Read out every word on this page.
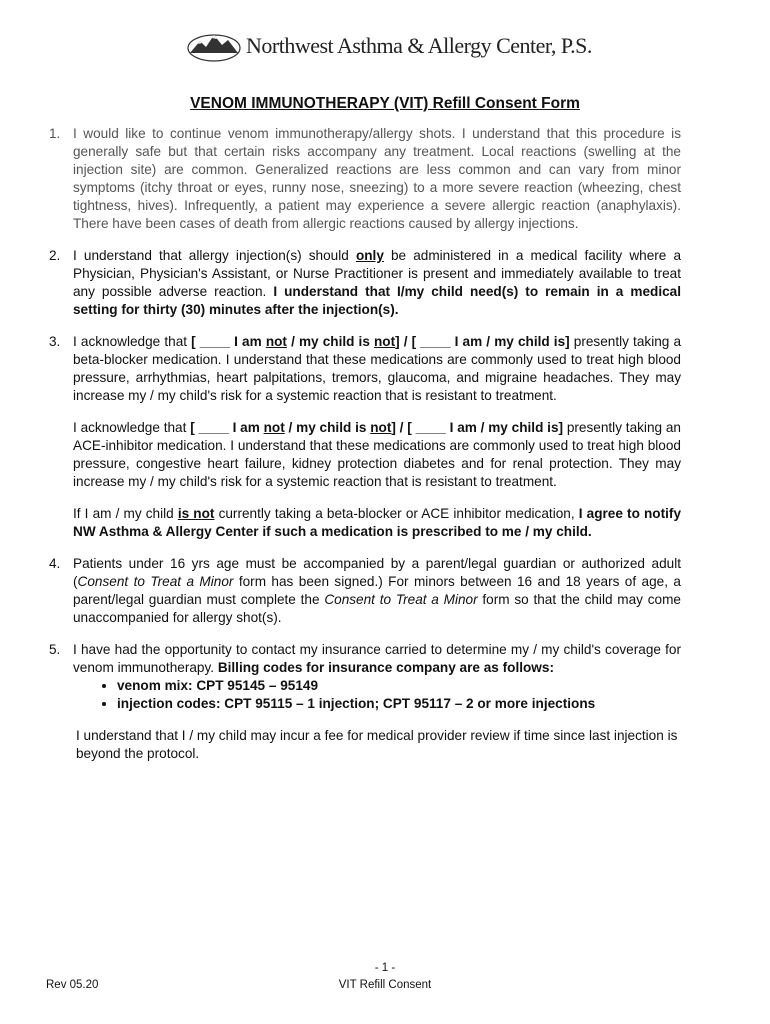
Northwest Asthma & Allergy Center, P.S.
VENOM IMMUNOTHERAPY (VIT) Refill Consent Form
1. I would like to continue venom immunotherapy/allergy shots. I understand that this procedure is generally safe but that certain risks accompany any treatment. Local reactions (swelling at the injection site) are common. Generalized reactions are less common and can vary from minor symptoms (itchy throat or eyes, runny nose, sneezing) to a more severe reaction (wheezing, chest tightness, hives). Infrequently, a patient may experience a severe allergic reaction (anaphylaxis). There have been cases of death from allergic reactions caused by allergy injections.
2. I understand that allergy injection(s) should only be administered in a medical facility where a Physician, Physician's Assistant, or Nurse Practitioner is present and immediately available to treat any possible adverse reaction. I understand that I/my child need(s) to remain in a medical setting for thirty (30) minutes after the injection(s).
3. I acknowledge that [ ____ I am not / my child is not] / [ ____ I am / my child is] presently taking a beta-blocker medication. I understand that these medications are commonly used to treat high blood pressure, arrhythmias, heart palpitations, tremors, glaucoma, and migraine headaches. They may increase my / my child's risk for a systemic reaction that is resistant to treatment.
I acknowledge that [ ____ I am not / my child is not] / [ ____ I am / my child is] presently taking an ACE-inhibitor medication. I understand that these medications are commonly used to treat high blood pressure, congestive heart failure, kidney protection diabetes and for renal protection. They may increase my / my child's risk for a systemic reaction that is resistant to treatment.
If I am / my child is not currently taking a beta-blocker or ACE inhibitor medication, I agree to notify NW Asthma & Allergy Center if such a medication is prescribed to me / my child.
4. Patients under 16 yrs age must be accompanied by a parent/legal guardian or authorized adult (Consent to Treat a Minor form has been signed.) For minors between 16 and 18 years of age, a parent/legal guardian must complete the Consent to Treat a Minor form so that the child may come unaccompanied for allergy shot(s).
5. I have had the opportunity to contact my insurance carried to determine my / my child's coverage for venom immunotherapy. Billing codes for insurance company are as follows:
• venom mix: CPT 95145 – 95149
• injection codes: CPT 95115 – 1 injection; CPT 95117 – 2 or more injections
I understand that I / my child may incur a fee for medical provider review if time since last injection is beyond the protocol.
- 1 -
Rev 05.20	VIT Refill Consent
